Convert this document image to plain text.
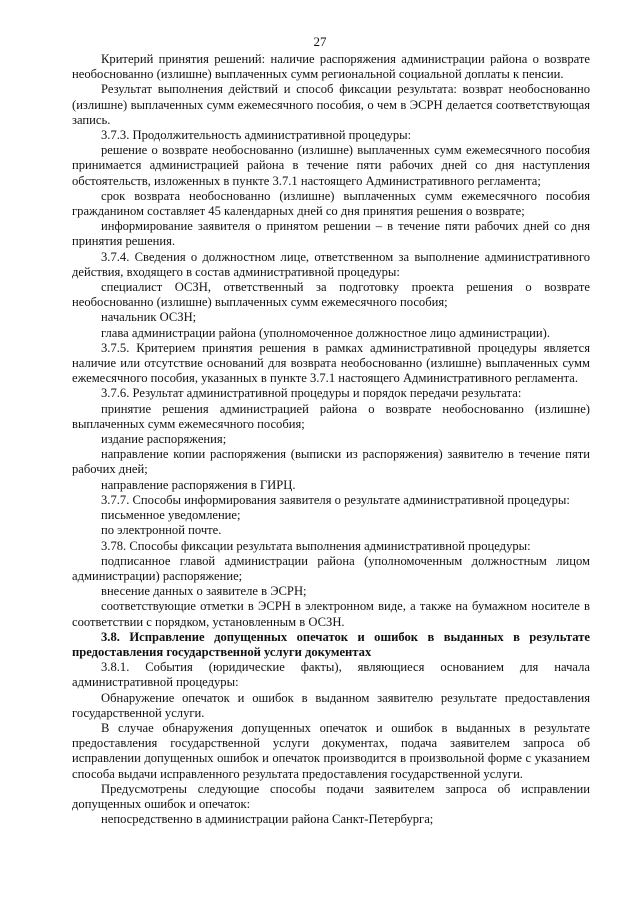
27

Критерий принятия решений: наличие распоряжения администрации района о возврате необоснованно (излишне) выплаченных сумм региональной социальной доплаты к пенсии.

Результат выполнения действий и способ фиксации результата: возврат необоснованно (излишне) выплаченных сумм ежемесячного пособия, о чем в ЭСРН делается соответствующая запись.

3.7.3. Продолжительность административной процедуры:

решение о возврате необоснованно (излишне) выплаченных сумм ежемесячного пособия принимается администрацией района в течение пяти рабочих дней со дня наступления обстоятельств, изложенных в пункте 3.7.1 настоящего Административного регламента;

срок возврата необоснованно (излишне) выплаченных сумм ежемесячного пособия гражданином составляет 45 календарных дней со дня принятия решения о возврате;

информирование заявителя о принятом решении – в течение пяти рабочих дней со дня принятия решения.

3.7.4. Сведения о должностном лице, ответственном за выполнение административного действия, входящего в состав административной процедуры:

специалист ОСЗН, ответственный за подготовку проекта решения о возврате необоснованно (излишне) выплаченных сумм ежемесячного пособия;

начальник ОСЗН;

глава администрации района (уполномоченное должностное лицо администрации).

3.7.5. Критерием принятия решения в рамках административной процедуры является наличие или отсутствие оснований для возврата необоснованно (излишне) выплаченных сумм ежемесячного пособия, указанных в пункте 3.7.1 настоящего Административного регламента.

3.7.6. Результат административной процедуры и порядок передачи результата:

принятие решения администрацией района о возврате необоснованно (излишне) выплаченных сумм ежемесячного пособия;

издание распоряжения;

направление копии распоряжения (выписки из распоряжения) заявителю в течение пяти рабочих дней;

направление распоряжения в ГИРЦ.

3.7.7. Способы информирования заявителя о результате административной процедуры:

письменное уведомление;

по электронной почте.

3.78. Способы фиксации результата выполнения административной процедуры:

подписанное главой администрации района (уполномоченным должностным лицом администрации) распоряжение;

внесение данных о заявителе в ЭСРН;

соответствующие отметки в ЭСРН в электронном виде, а также на бумажном носителе в соответствии с порядком, установленным в ОСЗН.

3.8. Исправление допущенных опечаток и ошибок в выданных в результате предоставления государственной услуги документах

3.8.1. События (юридические факты), являющиеся основанием для начала административной процедуры:

Обнаружение опечаток и ошибок в выданном заявителю результате предоставления государственной услуги.

В случае обнаружения допущенных опечаток и ошибок в выданных в результате предоставления государственной услуги документах, подача заявителем запроса об исправлении допущенных ошибок и опечаток производится в произвольной форме с указанием способа выдачи исправленного результата предоставления государственной услуги.

Предусмотрены следующие способы подачи заявителем запроса об исправлении допущенных ошибок и опечаток:

непосредственно в администрации района Санкт-Петербурга;
